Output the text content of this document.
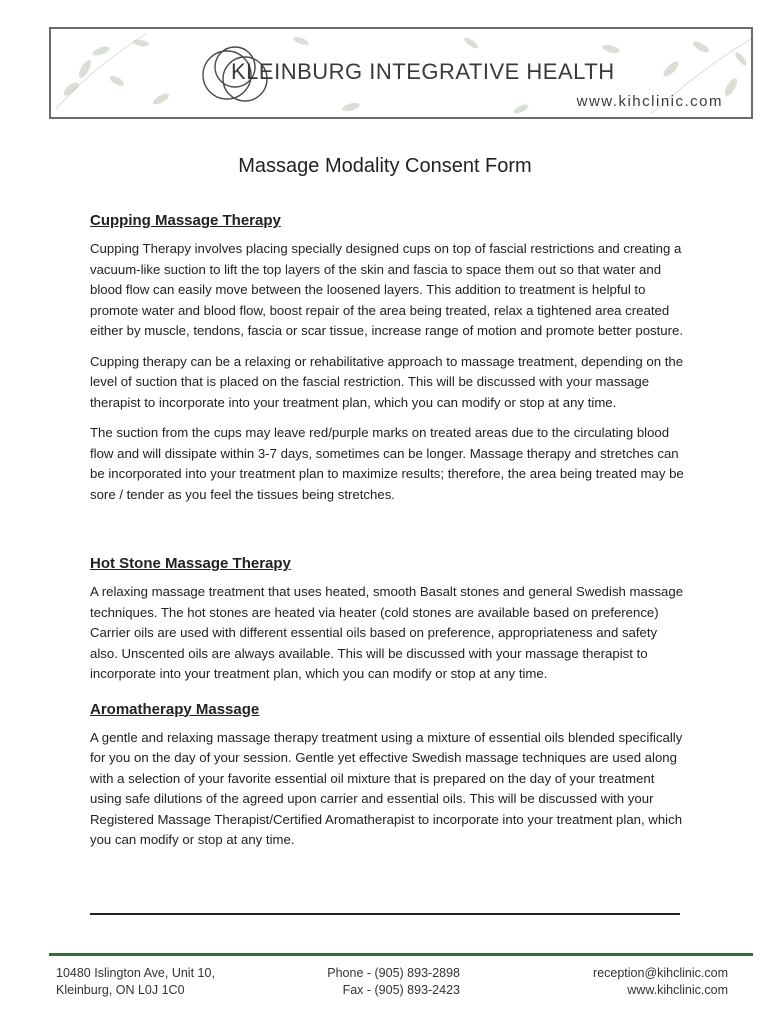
KLEINBURG INTEGRATIVE HEALTH
www.kihclinic.com
Massage Modality Consent Form
Cupping Massage Therapy

Cupping Therapy involves placing specially designed cups on top of fascial restrictions and creating a vacuum-like suction to lift the top layers of the skin and fascia to space them out so that water and blood flow can easily move between the loosened layers. This addition to treatment is helpful to promote water and blood flow, boost repair of the area being treated, relax a tightened area created either by muscle, tendons, fascia or scar tissue, increase range of motion and promote better posture.

Cupping therapy can be a relaxing or rehabilitative approach to massage treatment, depending on the level of suction that is placed on the fascial restriction. This will be discussed with your massage therapist to incorporate into your treatment plan, which you can modify or stop at any time.

The suction from the cups may leave red/purple marks on treated areas due to the circulating blood flow and will dissipate within 3-7 days, sometimes can be longer. Massage therapy and stretches can be incorporated into your treatment plan to maximize results; therefore, the area being treated may be sore / tender as you feel the tissues being stretches.

Hot Stone Massage Therapy

A relaxing massage treatment that uses heated, smooth Basalt stones and general Swedish massage techniques. The hot stones are heated via heater (cold stones are available based on preference) Carrier oils are used with different essential oils based on preference, appropriateness and safety also. Unscented oils are always available. This will be discussed with your massage therapist to incorporate into your treatment plan, which you can modify or stop at any time.

Aromatherapy Massage

A gentle and relaxing massage therapy treatment using a mixture of essential oils blended specifically for you on the day of your session. Gentle yet effective Swedish massage techniques are used along with a selection of your favorite essential oil mixture that is prepared on the day of your treatment using safe dilutions of the agreed upon carrier and essential oils. This will be discussed with your Registered Massage Therapist/Certified Aromatherapist to incorporate into your treatment plan, which you can modify or stop at any time.

10480 Islington Ave, Unit 10,
Kleinburg, ON L0J 1C0
Phone - (905) 893-2898
Fax - (905) 893-2423
reception@kihclinic.com
www.kihclinic.com
